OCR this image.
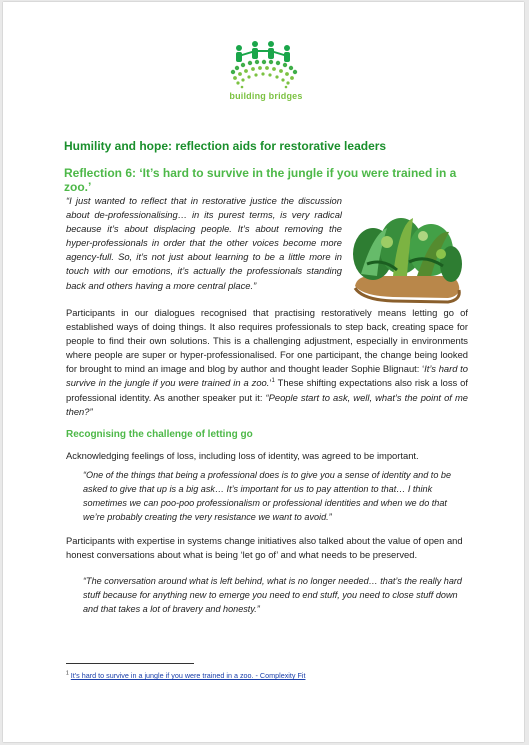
building bridges
Humility and hope: reflection aids for restorative leaders
Reflection 6: ‘It’s hard to survive in the jungle if you were trained in a zoo.’
“I just wanted to reflect that in restorative justice the discussion about de-professionalising… in its purest terms, is very radical because it’s about displacing people. It’s about removing the hyper-professionals in order that the other voices become more agency-full. So, it’s not just about learning to be a little more in touch with our emotions, it’s actually the professionals standing back and others having a more central place.”
Participants in our dialogues recognised that practising restoratively means letting go of established ways of doing things. It also requires professionals to step back, creating space for people to find their own solutions. This is a challenging adjustment, especially in environments where people are super or hyper-professionalised. For one participant, the change being looked for brought to mind an image and blog by author and thought leader Sophie Blignaut: ‘It’s hard to survive in the jungle if you were trained in a zoo.’$^1$ These shifting expectations also risk a loss of professional identity. As another speaker put it: “People start to ask, well, what’s the point of me then?”
Recognising the challenge of letting go
Acknowledging feelings of loss, including loss of identity, was agreed to be important.
“One of the things that being a professional does is to give you a sense of identity and to be asked to give that up is a big ask… It’s important for us to pay attention to that… I think sometimes we can poo-poo professionalism or professional identities and when we do that we’re probably creating the very resistance we want to avoid.”
Participants with expertise in systems change initiatives also talked about the value of open and honest conversations about what is being ‘let go of’ and what needs to be preserved.
“The conversation around what is left behind, what is no longer needed… that’s the really hard stuff because for anything new to emerge you need to end stuff, you need to close stuff down and that takes a lot of bravery and honesty.”
$^1$ It's hard to survive in a jungle if you were trained in a zoo. - Complexity Fit
